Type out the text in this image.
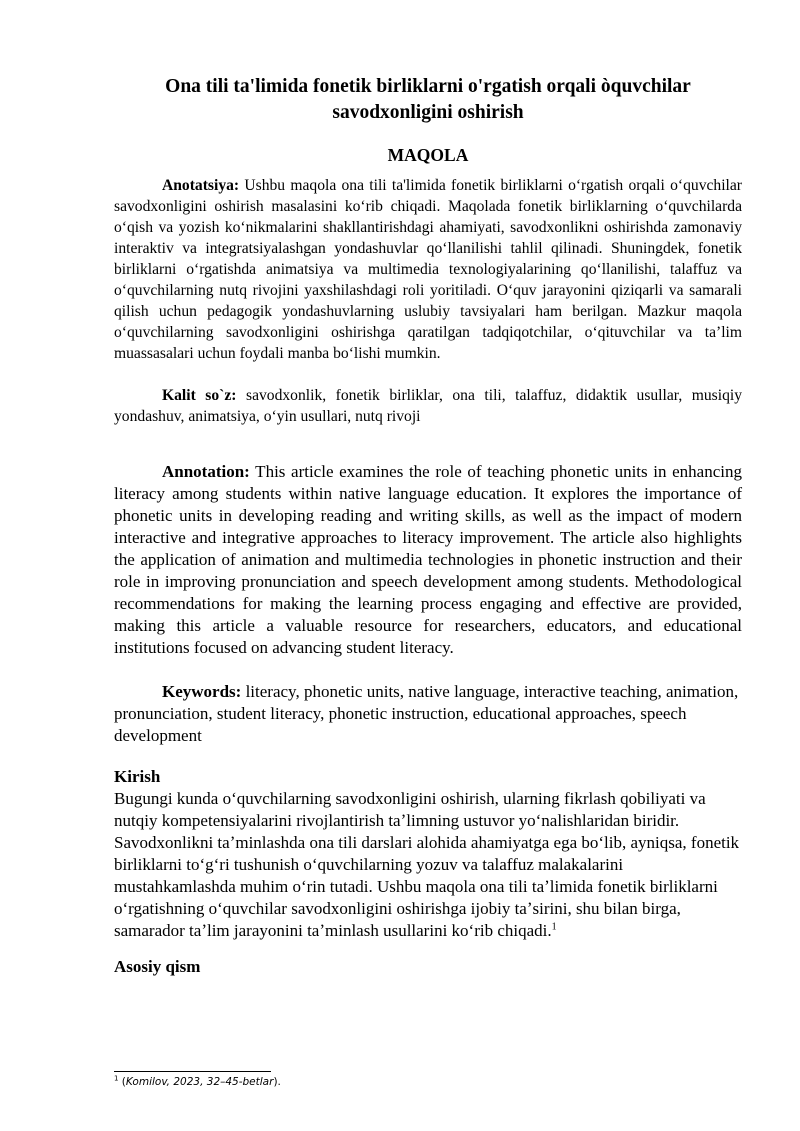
Ona tili ta'limida fonetik birliklarni o'rgatish orqali òquvchilar savodxonligini oshirish
MAQOLA

Anotatsiya: Ushbu maqola ona tili ta'limida fonetik birliklarni oʻrgatish orqali oʻquvchilar savodxonligini oshirish masalasini koʻrib chiqadi. Maqolada fonetik birliklarning oʻquvchilarda oʻqish va yozish koʻnikmalarini shakllantirishdagi ahamiyati, savodxonlikni oshirishda zamonaviy interaktiv va integratsiyalashgan yondashuvlar qoʻllanilishi tahlil qilinadi. Shuningdek, fonetik birliklarni oʻrgatishda animatsiya va multimedia texnologiyalarining qoʻllanilishi, talaffuz va oʻquvchilarning nutq rivojini yaxshilashdagi roli yoritiladi. Oʻquv jarayonini qiziqarli va samarali qilish uchun pedagogik yondashuvlarning uslubiy tavsiyalari ham berilgan. Mazkur maqola oʻquvchilarning savodxonligini oshirishga qaratilgan tadqiqotchilar, oʻqituvchilar va taʼlim muassasalari uchun foydali manba boʻlishi mumkin.

Kalit so`z: savodxonlik, fonetik birliklar, ona tili, talaffuz, didaktik usullar, musiqiy yondashuv, animatsiya, oʻyin usullari, nutq rivoji

Annotation: This article examines the role of teaching phonetic units in enhancing literacy among students within native language education. It explores the importance of phonetic units in developing reading and writing skills, as well as the impact of modern interactive and integrative approaches to literacy improvement. The article also highlights the application of animation and multimedia technologies in phonetic instruction and their role in improving pronunciation and speech development among students. Methodological recommendations for making the learning process engaging and effective are provided, making this article a valuable resource for researchers, educators, and educational institutions focused on advancing student literacy.

Keywords: literacy, phonetic units, native language, interactive teaching, animation, pronunciation, student literacy, phonetic instruction, educational approaches, speech development

Kirish

Bugungi kunda oʻquvchilarning savodxonligini oshirish, ularning fikrlash qobiliyati va nutqiy kompetensiyalarini rivojlantirish taʼlimning ustuvor yoʻnalishlaridan biridir. Savodxonlikni taʼminlashda ona tili darslari alohida ahamiyatga ega boʻlib, ayniqsa, fonetik birliklarni toʻgʻri tushunish oʻquvchilarning yozuv va talaffuz malakalarini mustahkamlashda muhim oʻrin tutadi. Ushbu maqola ona tili taʼlimida fonetik birliklarni oʻrgatishning oʻquvchilar savodxonligini oshirishga ijobiy taʼsirini, shu bilan birga, samarador taʼlim jarayonini taʼminlash usullarini koʻrib chiqadi.$^1$

Asosiy qism
$^1$ (Komilov, 2023, 32–45-betlar).
